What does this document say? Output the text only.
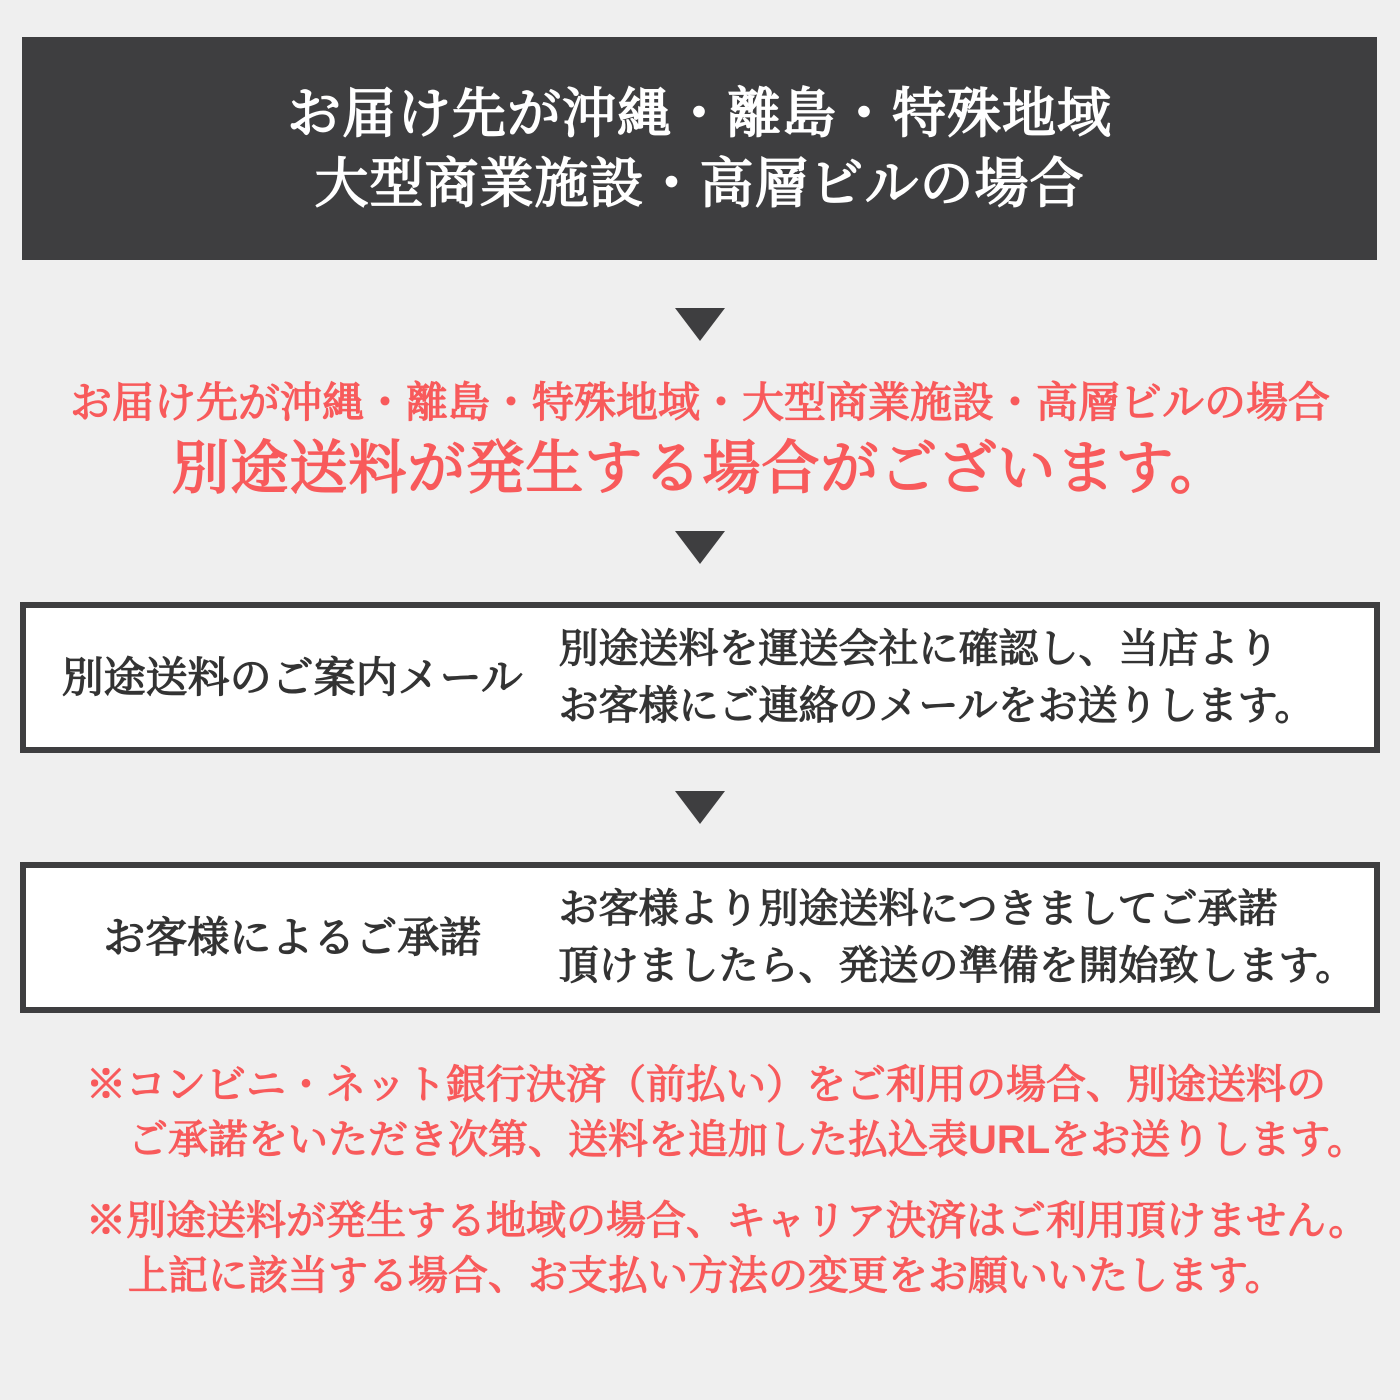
お届け先が沖縄・離島・特殊地域
大型商業施設・高層ビルの場合
お届け先が沖縄・離島・特殊地域・大型商業施設・高層ビルの場合
別途送料が発生する場合がございます。
別途送料のご案内メール
別途送料を運送会社に確認し、当店より
お客様にご連絡のメールをお送りします。
お客様によるご承諾
お客様より別途送料につきましてご承諾
頂けましたら、発送の準備を開始致します。
※コンビニ・ネット銀行決済（前払い）をご利用の場合、別途送料の
ご承諾をいただき次第、送料を追加した払込表URLをお送りします。
※別途送料が発生する地域の場合、キャリア決済はご利用頂けません。
上記に該当する場合、お支払い方法の変更をお願いいたします。
